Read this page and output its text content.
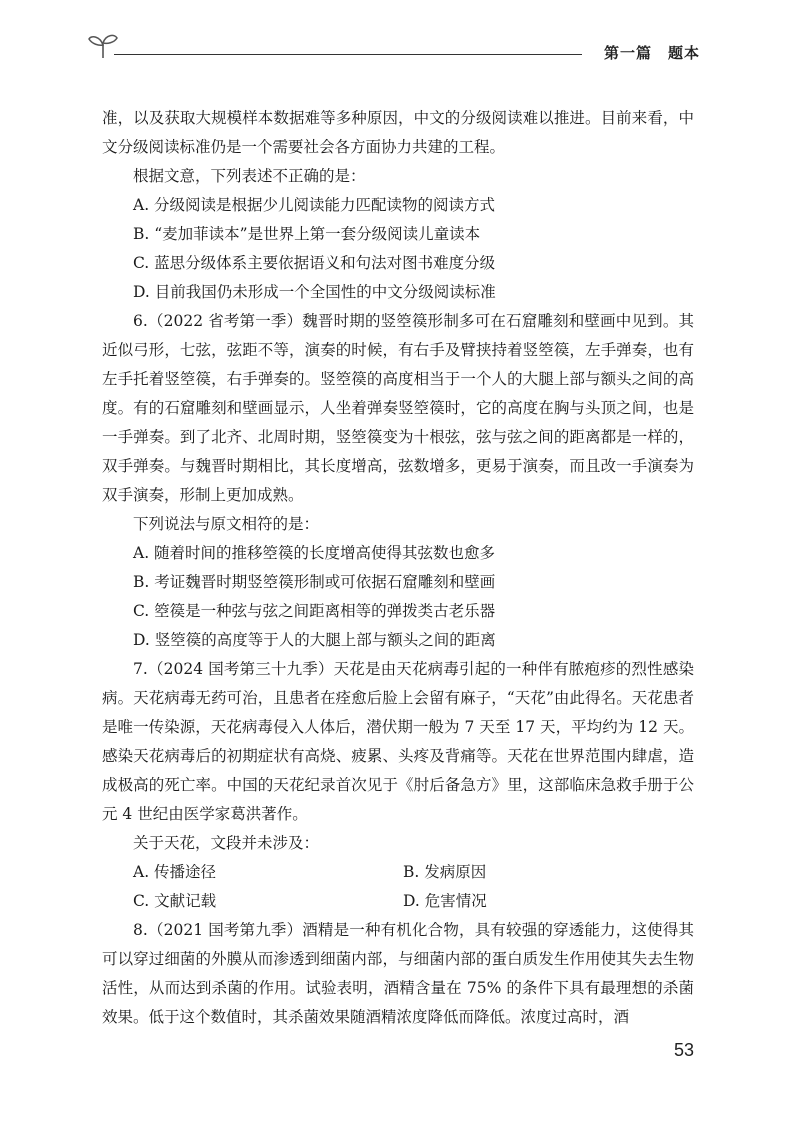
第一篇　题本

准，以及获取大规模样本数据难等多种原因，中文的分级阅读难以推进。目前来看，中文分级阅读标准仍是一个需要社会各方面协力共建的工程。

根据文意，下列表述不正确的是：

A. 分级阅读是根据少儿阅读能力匹配读物的阅读方式

B. “麦加菲读本”是世界上第一套分级阅读儿童读本

C. 蓝思分级体系主要依据语义和句法对图书难度分级

D. 目前我国仍未形成一个全国性的中文分级阅读标准

6.（2022 省考第一季）魏晋时期的竖箜篌形制多可在石窟雕刻和壁画中见到。其近似弓形，七弦，弦距不等，演奏的时候，有右手及臂挟持着竖箜篌，左手弹奏，也有左手托着竖箜篌，右手弹奏的。竖箜篌的高度相当于一个人的大腿上部与额头之间的高度。有的石窟雕刻和壁画显示，人坐着弹奏竖箜篌时，它的高度在胸与头顶之间，也是一手弹奏。到了北齐、北周时期，竖箜篌变为十根弦，弦与弦之间的距离都是一样的，双手弹奏。与魏晋时期相比，其长度增高，弦数增多，更易于演奏，而且改一手演奏为双手演奏，形制上更加成熟。

下列说法与原文相符的是：

A. 随着时间的推移箜篌的长度增高使得其弦数也愈多

B. 考证魏晋时期竖箜篌形制或可依据石窟雕刻和壁画

C. 箜篌是一种弦与弦之间距离相等的弹拨类古老乐器

D. 竖箜篌的高度等于人的大腿上部与额头之间的距离

7.（2024 国考第三十九季）天花是由天花病毒引起的一种伴有脓疱疹的烈性感染病。天花病毒无药可治，且患者在痊愈后脸上会留有麻子，“天花”由此得名。天花患者是唯一传染源，天花病毒侵入人体后，潜伏期一般为 7 天至 17 天，平均约为 12 天。感染天花病毒后的初期症状有高烧、疲累、头疼及背痛等。天花在世界范围内肆虐，造成极高的死亡率。中国的天花纪录首次见于《肘后备急方》里，这部临床急救手册于公元 4 世纪由医学家葛洪著作。

关于天花，文段并未涉及：

A. 传播途径	B. 发病原因

C. 文献记载	D. 危害情况

8.（2021 国考第九季）酒精是一种有机化合物，具有较强的穿透能力，这使得其可以穿过细菌的外膜从而渗透到细菌内部，与细菌内部的蛋白质发生作用使其失去生物活性，从而达到杀菌的作用。试验表明，酒精含量在 75% 的条件下具有最理想的杀菌效果。低于这个数值时，其杀菌效果随酒精浓度降低而降低。浓度过高时，酒

53
